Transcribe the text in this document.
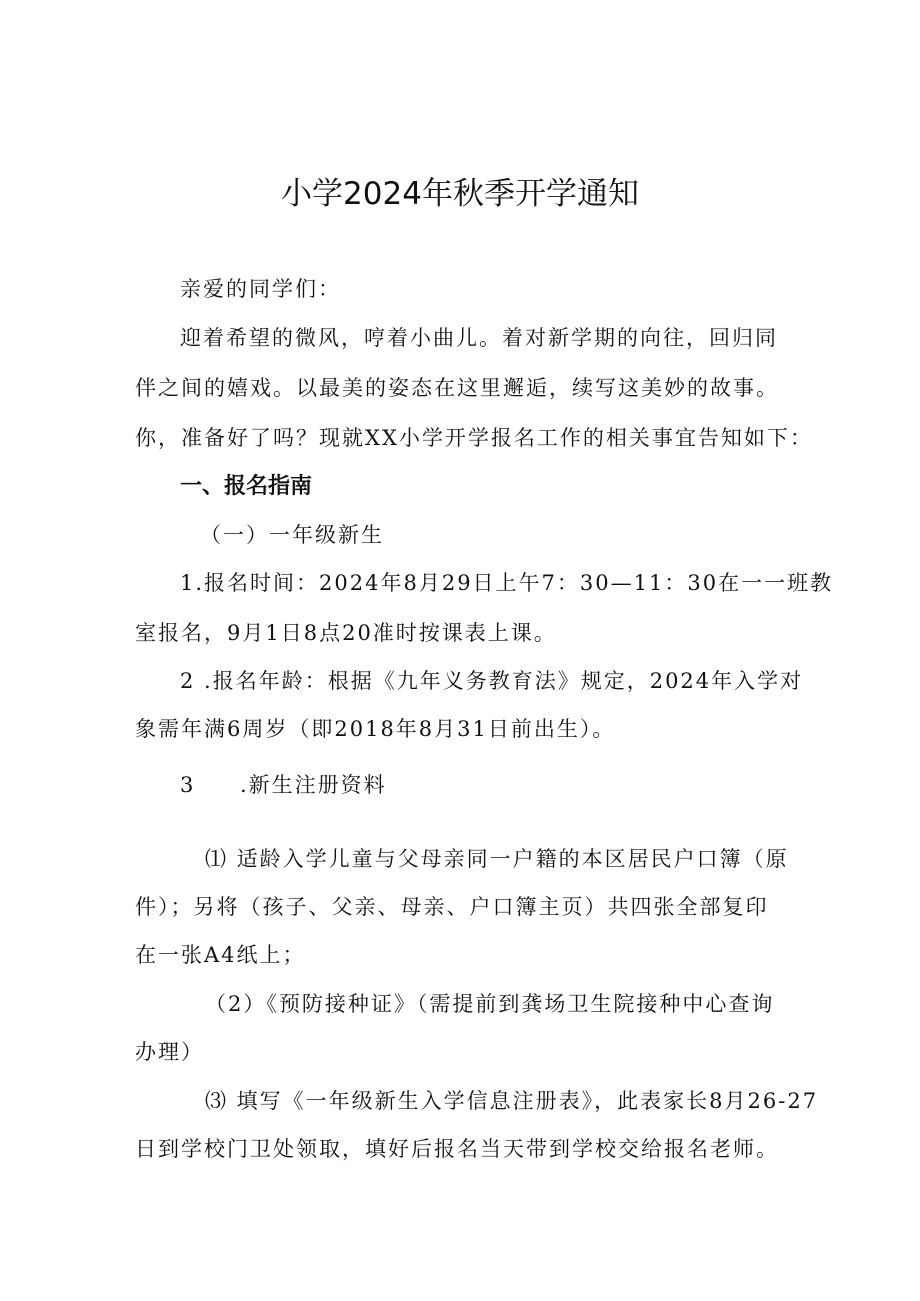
小学2024年秋季开学通知
亲爱的同学们：
迎着希望的微风，哼着小曲儿。着对新学期的向往，回归同
伴之间的嬉戏。以最美的姿态在这里邂逅，续写这美妙的故事。
你，准备好了吗？现就XX小学开学报名工作的相关事宜告知如下：
一、报名指南
（一）一年级新生
1.报名时间：2024年8月29日上午7：30—11：30在一一班教
室报名，9月1日8点20准时按课表上课。
2 .报名年龄：根据《九年义务教育法》规定，2024年入学对
象需年满6周岁（即2018年8月31日前出生）。
3 .新生注册资料
⑴ 适龄入学儿童与父母亲同一户籍的本区居民户口簿（原
件）；另将（孩子、父亲、母亲、户口簿主页）共四张全部复印
在一张A4纸上；
（2）《预防接种证》（需提前到龚场卫生院接种中心查询
办理）
⑶ 填写《一年级新生入学信息注册表》，此表家长8月26-27
日到学校门卫处领取，填好后报名当天带到学校交给报名老师。
